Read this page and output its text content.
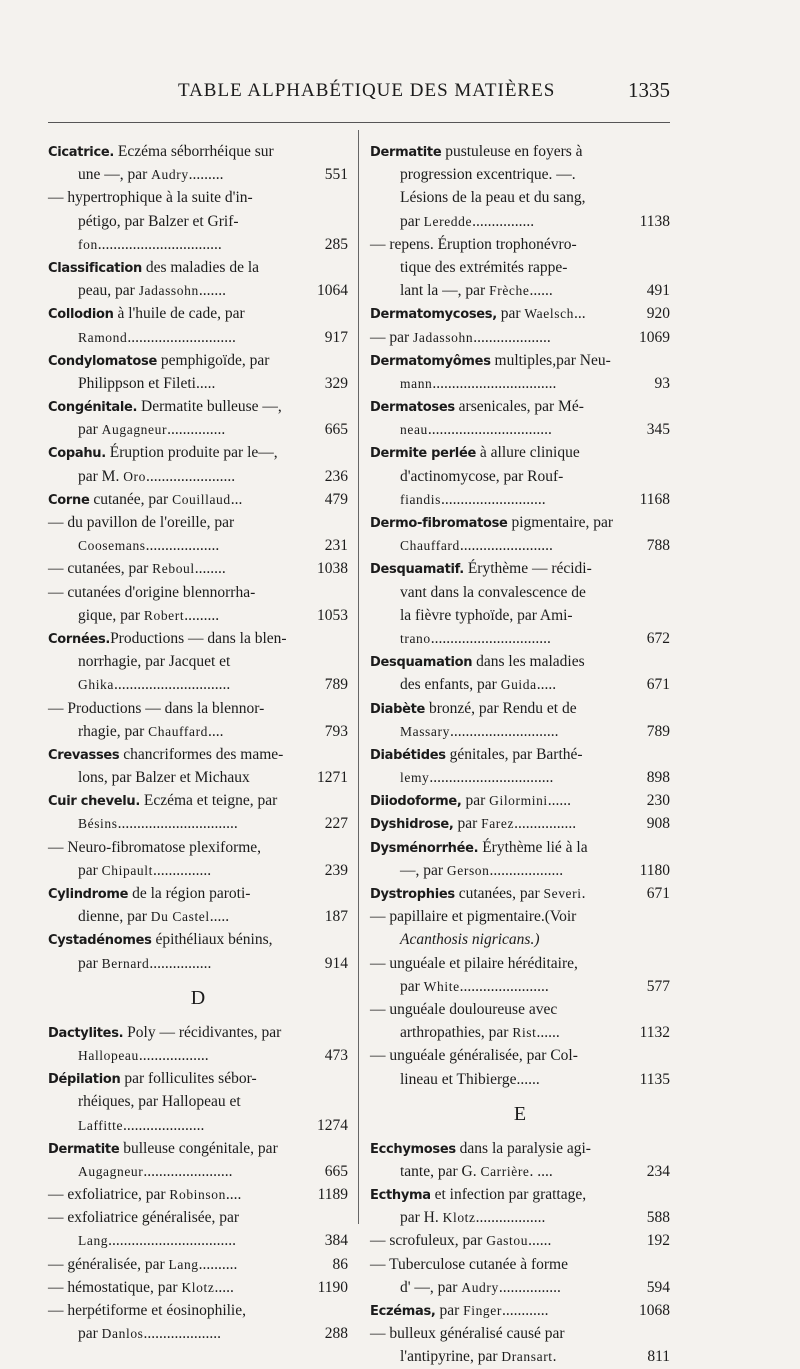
TABLE ALPHABÉTIQUE DES MATIÈRES	1335
Cicatrice. Eczéma séborrhéique sur
une —, par Audry.........	551
— hypertrophique à la suite d'in-
pétigo, par Balzer et Grif-
fon................................	285
Classification des maladies de la
peau, par Jadassohn.......	1064
Collodion à l'huile de cade, par
Ramond............................	917
Condylomatose pemphigoïde, par
Philippson et Fileti.....	329
Congénitale. Dermatite bulleuse —,
par Augagneur...............	665
Copahu. Éruption produite par le—,
par M. Oro.......................	236
Corne cutanée, par Couillaud...	479
— du pavillon de l'oreille, par
Coosemans...................	231
— cutanées, par Reboul........	1038
— cutanées d'origine blennorrha-
gique, par Robert.........	1053
Cornées.Productions — dans la blen-
norrhagie, par Jacquet et
Ghika..............................	789
— Productions — dans la blennor-
rhagie, par Chauffard....	793
Crevasses chancriformes des mame-
lons, par Balzer et Michaux	1271
Cuir chevelu. Eczéma et teigne, par
Bésins...............................	227
— Neuro-fibromatose plexiforme,
par Chipault...............	239
Cylindrome de la région paroti-
dienne, par Du Castel.....	187
Cystadénomes épithéliaux bénins,
par Bernard................	914
D
Dactylites. Poly — récidivantes, par
Hallopeau..................	473
Dépilation par folliculites sébor-
rhéiques, par Hallopeau et
Laffitte.....................	1274
Dermatite bulleuse congénitale, par
Augagneur.......................	665
— exfoliatrice, par Robinson....	1189
— exfoliatrice généralisée, par
Lang.................................	384
— généralisée, par Lang..........	86
— hémostatique, par Klotz.....	1190
— herpétiforme et éosinophilie,
par Danlos....................	288
Dermatite pustuleuse en foyers à
progression excentrique. —.
Lésions de la peau et du sang,
par Leredde................	1138
— repens. Éruption trophonévro-
tique des extrémités rappe-
lant la —, par Frèche......	491
Dermatomycoses, par Waelsch...	920
— par Jadassohn....................	1069
Dermatomyômes multiples,par Neu-
mann................................	93
Dermatoses arsenicales, par Mé-
neau................................	345
Dermite perlée à allure clinique
d'actinomycose, par Rouf-
fiandis...........................	1168
Dermo-fibromatose pigmentaire, par
Chauffard........................	788
Desquamatif. Érythème — récidi-
vant dans la convalescence de
la fièvre typhoïde, par Ami-
trano...............................	672
Desquamation dans les maladies
des enfants, par Guida.....	671
Diabète bronzé, par Rendu et de
Massary............................	789
Diabétides génitales, par Barthé-
lemy................................	898
Diiodoforme, par Gilormini......	230
Dyshidrose, par Farez................	908
Dysménorrhée. Érythème lié à la
—, par Gerson...................	1180
Dystrophies cutanées, par Severi.	671
— papillaire et pigmentaire.(Voir
Acanthosis nigricans.)
— unguéale et pilaire héréditaire,
par White.......................	577
— unguéale douloureuse avec
arthropathies, par Rist......	1132
— unguéale généralisée, par Col-
lineau et Thibierge......	1135
E
Ecchymoses dans la paralysie agi-
tante, par G. Carrière. ....	234
Ecthyma et infection par grattage,
par H. Klotz..................	588
— scrofuleux, par Gastou......	192
— Tuberculose cutanée à forme
d' —, par Audry................	594
Eczémas, par Finger............	1068
— bulleux généralisé causé par
l'antipyrine, par Dransart.	811
